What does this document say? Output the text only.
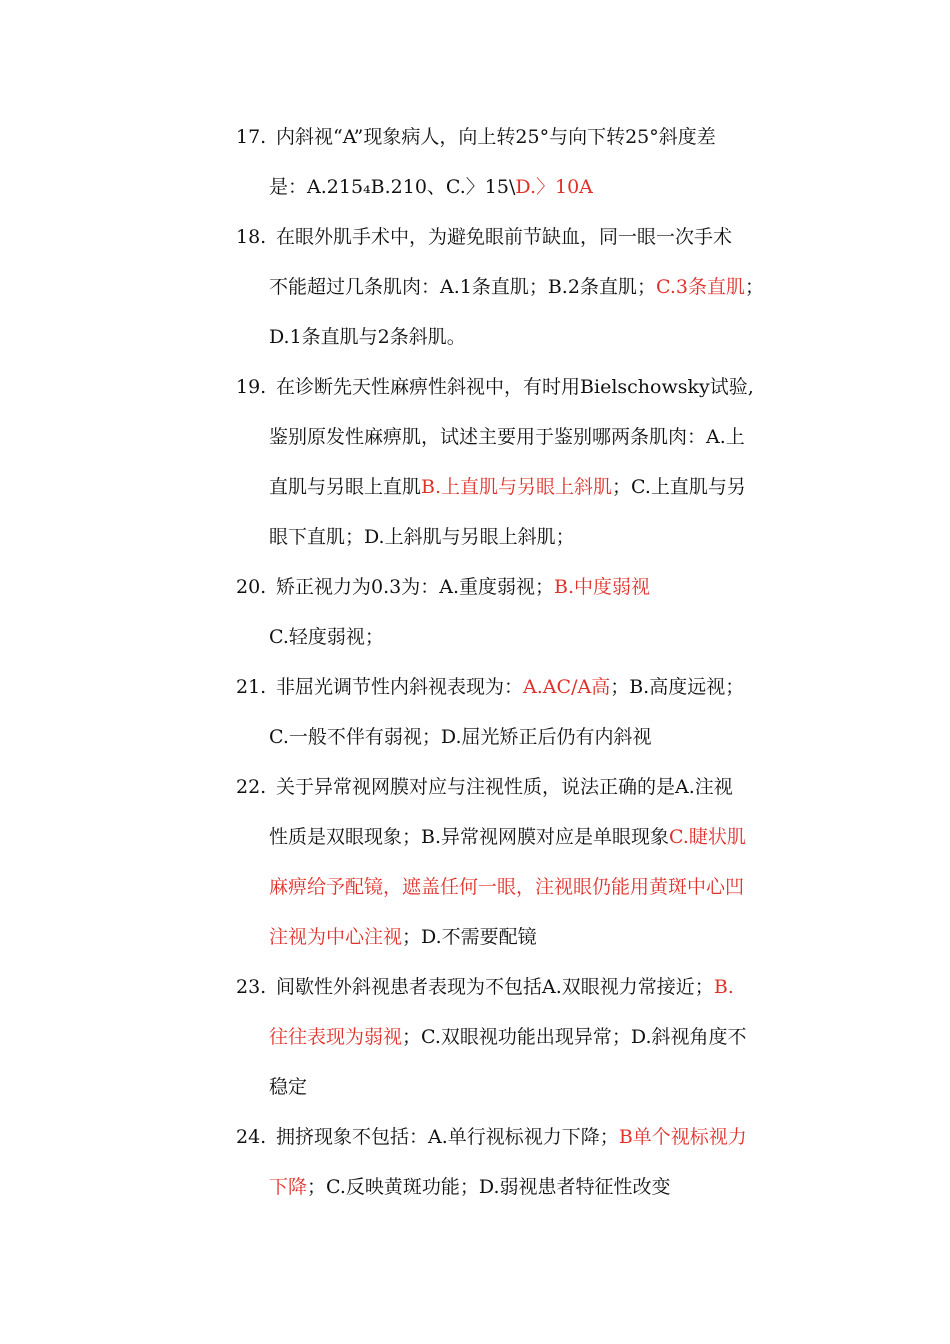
17. 内斜视“A”现象病人，向上转25°与向下转25°斜度差
是：A.215₄B.210、C.〉15\D.〉10A
18. 在眼外肌手术中，为避免眼前节缺血，同一眼一次手术
不能超过几条肌肉：A.1条直肌；B.2条直肌；C.3条直肌；
D.1条直肌与2条斜肌。
19. 在诊断先天性麻痹性斜视中，有时用Bielschowsky试验,
鉴别原发性麻痹肌，试述主要用于鉴别哪两条肌肉：A.上
直肌与另眼上直肌B.上直肌与另眼上斜肌；C.上直肌与另
眼下直肌；D.上斜肌与另眼上斜肌；
20. 矫正视力为0.3为：A.重度弱视；B.中度弱视
C.轻度弱视；
21. 非屈光调节性内斜视表现为：A.AC/A高；B.高度远视；
C.一般不伴有弱视；D.屈光矫正后仍有内斜视
22. 关于异常视网膜对应与注视性质，说法正确的是A.注视
性质是双眼现象；B.异常视网膜对应是单眼现象C.睫状肌
麻痹给予配镜，遮盖任何一眼，注视眼仍能用黄斑中心凹
注视为中心注视；D.不需要配镜
23. 间歇性外斜视患者表现为不包括A.双眼视力常接近；B.
往往表现为弱视；C.双眼视功能出现异常；D.斜视角度不
稳定
24. 拥挤现象不包括：A.单行视标视力下降；B单个视标视力
下降；C.反映黄斑功能；D.弱视患者特征性改变
